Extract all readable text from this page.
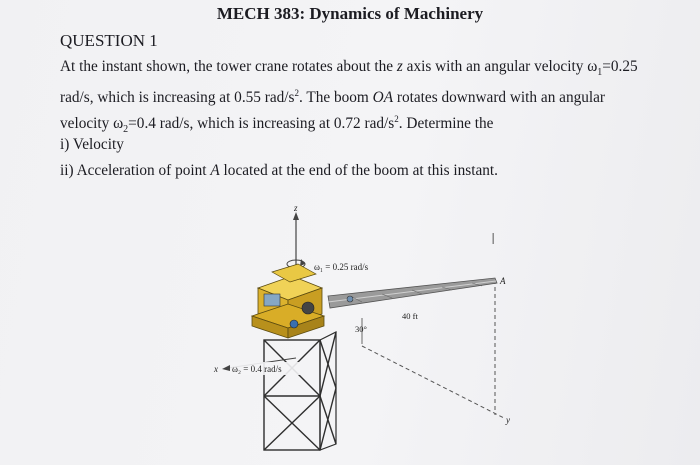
MECH 383: Dynamics of Machinery
QUESTION 1
At the instant shown, the tower crane rotates about the z axis with an angular velocity $\omega_1=0.25$
rad/s, which is increasing at 0.55 rad/$s^2$. The boom OA rotates downward with an angular
velocity $\omega_2=0.4$ rad/s, which is increasing at 0.72 rad/$s^2$. Determine the
i) Velocity
ii) Acceleration of point A located at the end of the boom at this instant.
z
ω₁ = 0.25 rad/s
y
A
40 ft
30°
x ω₂ = 0.4 rad/s
I
